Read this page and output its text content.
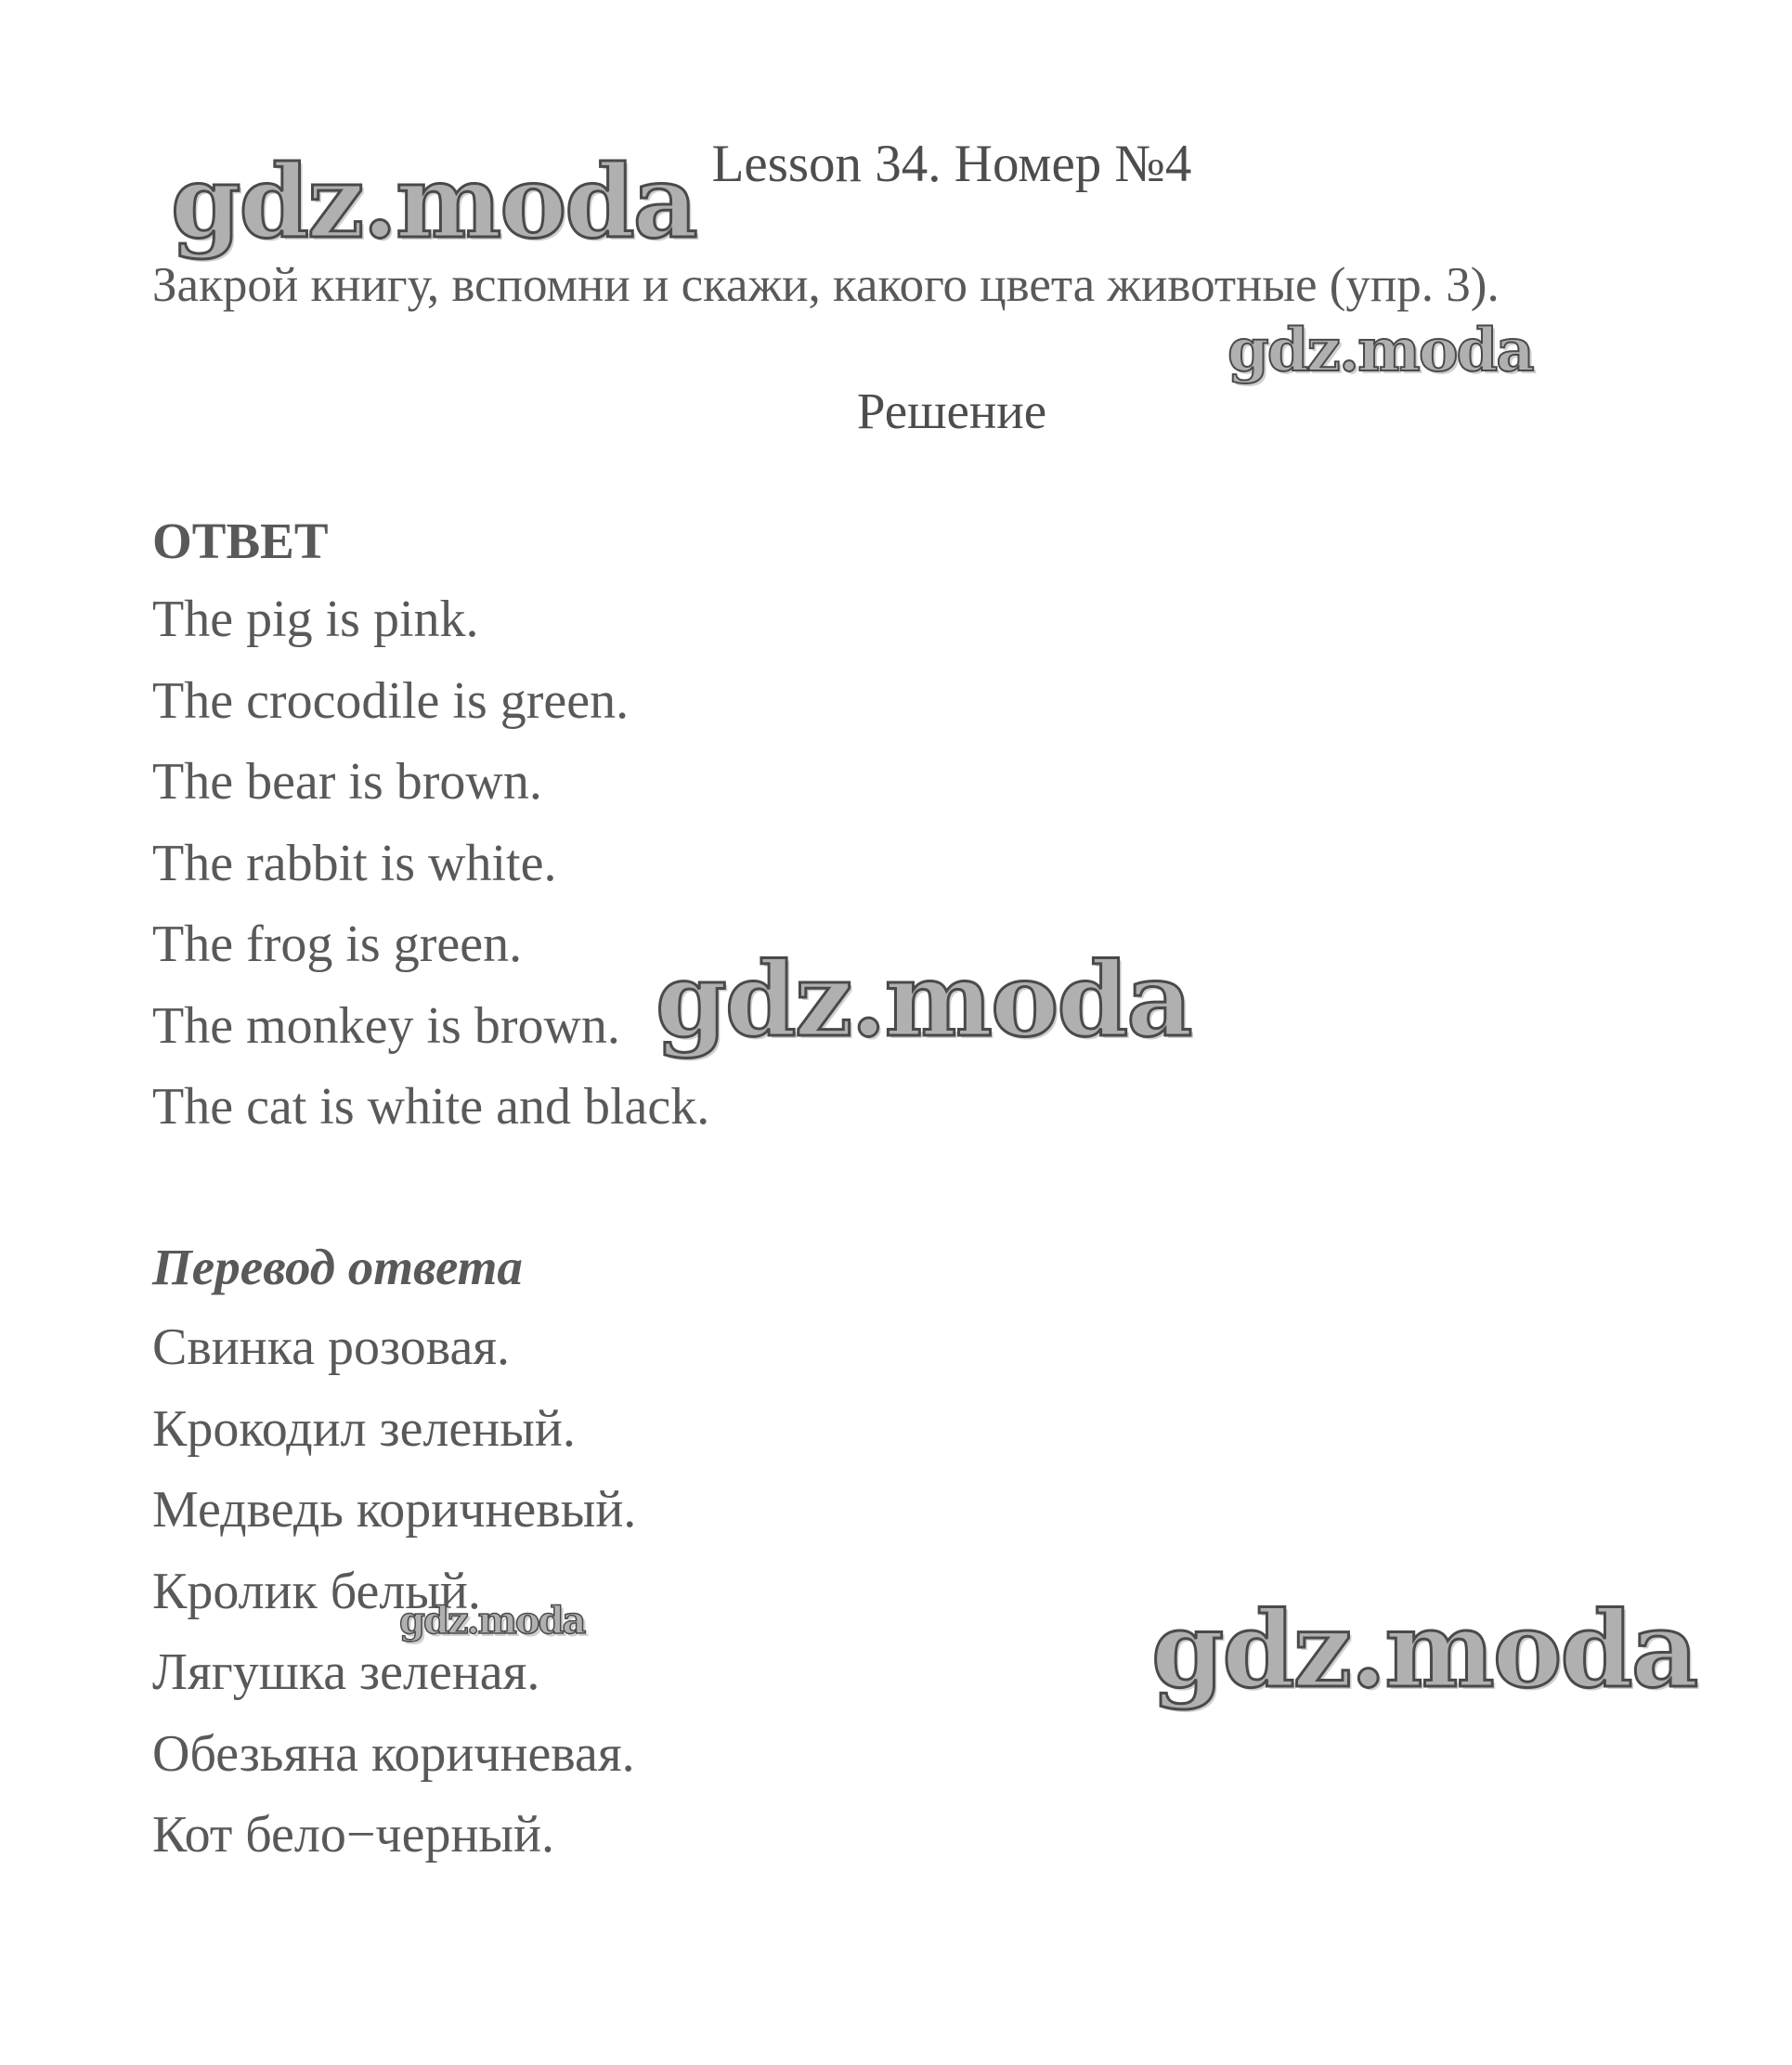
Lesson 34. Номер №4
Закрой книгу, вспомни и скажи, какого цвета животные (упр. 3).
Решение
ОТВЕТ
The pig is pink.
The crocodile is green.
The bear is brown.
The rabbit is white.
The frog is green.
The monkey is brown.
The cat is white and black.
Перевод ответа
Свинка розовая.
Крокодил зеленый.
Медведь коричневый.
Кролик белый.
Лягушка зеленая.
Обезьяна коричневая.
Кот бело−черный.
gdz.moda
gdz.moda
gdz.moda
gdz.moda	gdz.moda
